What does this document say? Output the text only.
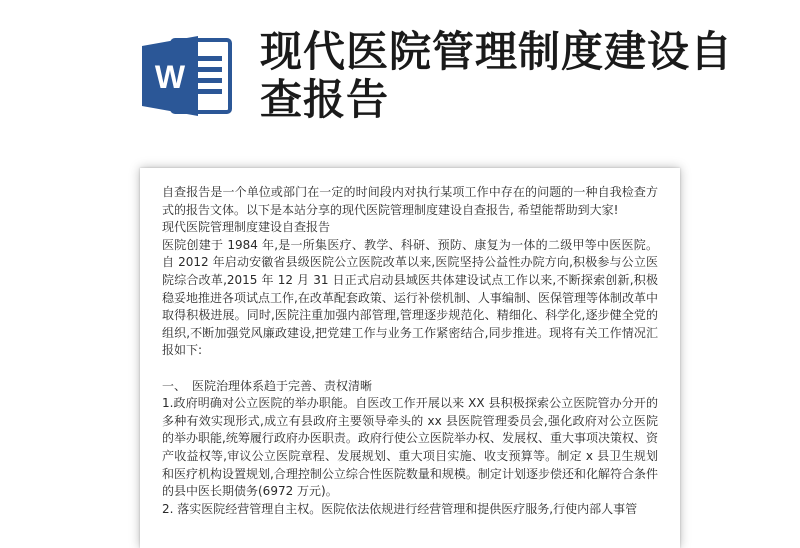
W
现代医院管理制度建设自查报告

自查报告是一个单位或部门在一定的时间段内对执行某项工作中存在的问题的一种自我检查方式的报告文体。以下是本站分享的现代医院管理制度建设自查报告, 希望能帮助到大家!

现代医院管理制度建设自查报告

医院创建于 1984 年,是一所集医疗、教学、科研、预防、康复为一体的二级甲等中医医院。自 2012 年启动安徽省县级医院公立医院改革以来,医院坚持公益性办院方向,积极参与公立医院综合改革,2015 年 12 月 31 日正式启动县域医共体建设试点工作以来,不断探索创新,积极稳妥地推进各项试点工作,在改革配套政策、运行补偿机制、人事编制、医保管理等体制改革中取得积极进展。同时,医院注重加强内部管理,管理逐步规范化、精细化、科学化,逐步健全党的组织,不断加强党风廉政建设,把党建工作与业务工作紧密结合,同步推进。现将有关工作情况汇报如下:

一、　医院治理体系趋于完善、责权清晰

1.政府明确对公立医院的举办职能。自医改工作开展以来 XX 县积极探索公立医院管办分开的多种有效实现形式,成立有县政府主要领导牵头的 xx 县医院管理委员会,强化政府对公立医院的举办职能,统筹履行政府办医职责。政府行使公立医院举办权、发展权、重大事项决策权、资产收益权等,审议公立医院章程、发展规划、重大项目实施、收支预算等。制定 x 县卫生规划和医疗机构设置规划,合理控制公立综合性医院数量和规模。制定计划逐步偿还和化解符合条件的县中医长期债务(6972 万元)。

2. 落实医院经营管理自主权。医院依法依规进行经营管理和提供医疗服务,行使内部人事管
